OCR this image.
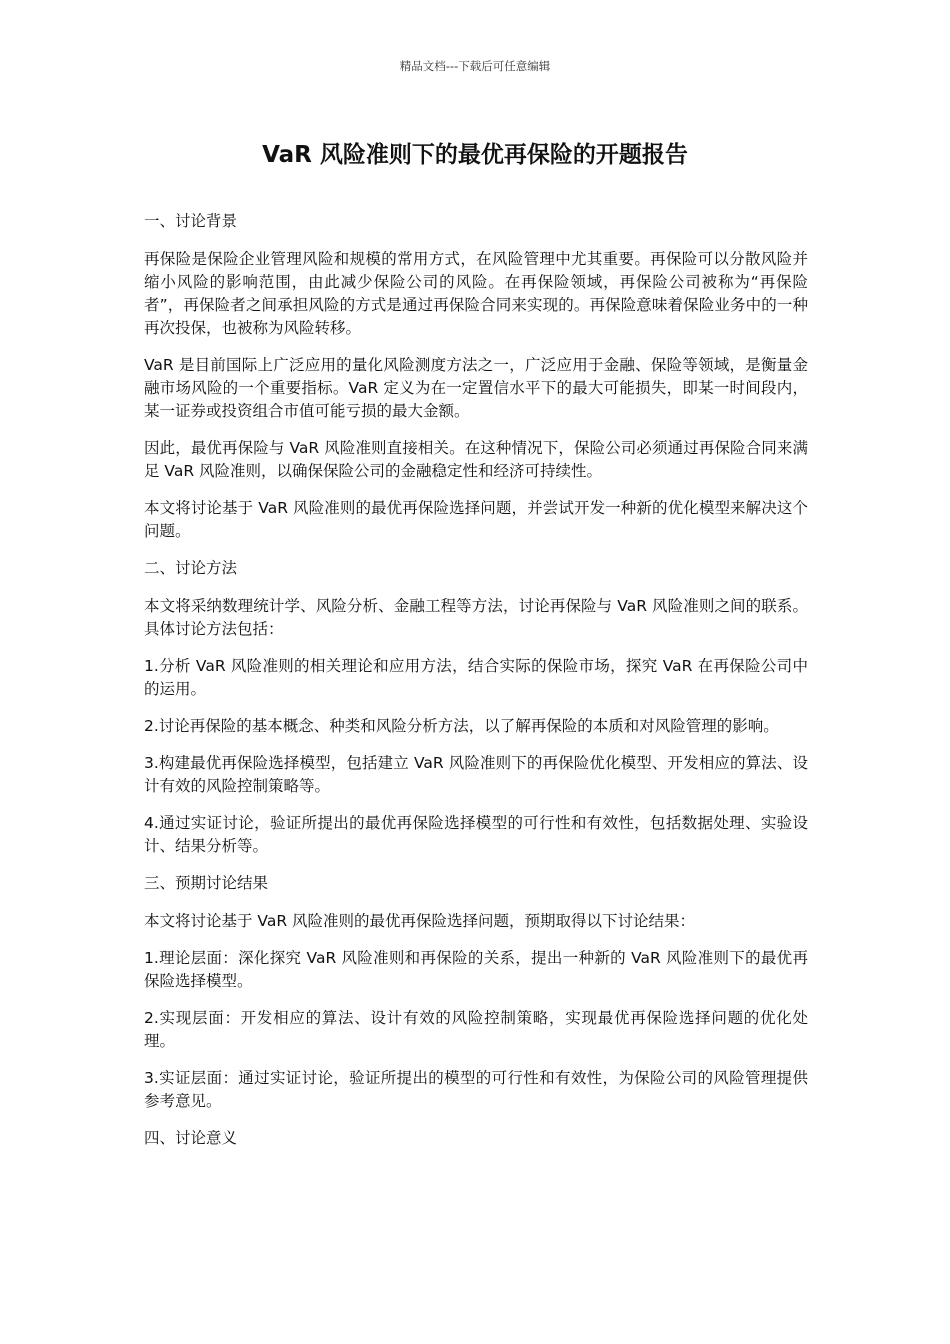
精品文档---下载后可任意编辑
VaR 风险准则下的最优再保险的开题报告
一、讨论背景

再保险是保险企业管理风险和规模的常用方式，在风险管理中尤其重要。再保险可以分散风险并缩小风险的影响范围，由此减少保险公司的风险。在再保险领域，再保险公司被称为“再保险者”，再保险者之间承担风险的方式是通过再保险合同来实现的。再保险意味着保险业务中的一种再次投保，也被称为风险转移。

VaR 是目前国际上广泛应用的量化风险测度方法之一，广泛应用于金融、保险等领域，是衡量金融市场风险的一个重要指标。VaR 定义为在一定置信水平下的最大可能损失，即某一时间段内，某一证券或投资组合市值可能亏损的最大金额。

因此，最优再保险与 VaR 风险准则直接相关。在这种情况下，保险公司必须通过再保险合同来满足 VaR 风险准则，以确保保险公司的金融稳定性和经济可持续性。

本文将讨论基于 VaR 风险准则的最优再保险选择问题，并尝试开发一种新的优化模型来解决这个问题。

二、讨论方法

本文将采纳数理统计学、风险分析、金融工程等方法，讨论再保险与 VaR 风险准则之间的联系。具体讨论方法包括：

1.分析 VaR 风险准则的相关理论和应用方法，结合实际的保险市场，探究 VaR 在再保险公司中的运用。

2.讨论再保险的基本概念、种类和风险分析方法，以了解再保险的本质和对风险管理的影响。

3.构建最优再保险选择模型，包括建立 VaR 风险准则下的再保险优化模型、开发相应的算法、设计有效的风险控制策略等。

4.通过实证讨论，验证所提出的最优再保险选择模型的可行性和有效性，包括数据处理、实验设计、结果分析等。

三、预期讨论结果

本文将讨论基于 VaR 风险准则的最优再保险选择问题，预期取得以下讨论结果：

1.理论层面：深化探究 VaR 风险准则和再保险的关系，提出一种新的 VaR 风险准则下的最优再保险选择模型。

2.实现层面：开发相应的算法、设计有效的风险控制策略，实现最优再保险选择问题的优化处理。

3.实证层面：通过实证讨论，验证所提出的模型的可行性和有效性，为保险公司的风险管理提供参考意见。

四、讨论意义
